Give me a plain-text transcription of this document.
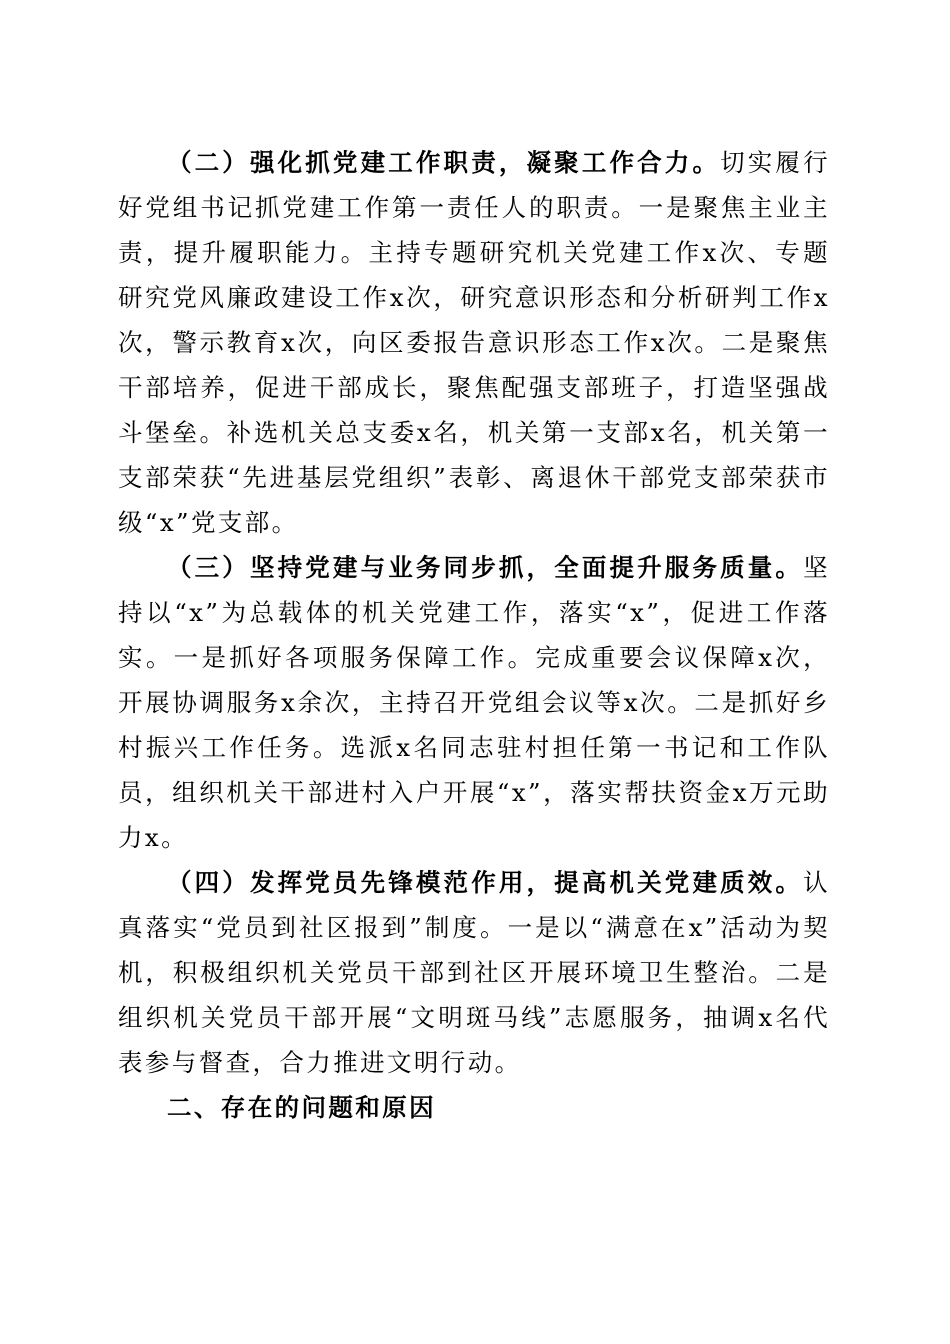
（二）强化抓党建工作职责，凝聚工作合力。切实履行好党组书记抓党建工作第一责任人的职责。一是聚焦主业主责，提升履职能力。主持专题研究机关党建工作x次、专题研究党风廉政建设工作x次，研究意识形态和分析研判工作x次，警示教育x次，向区委报告意识形态工作x次。二是聚焦干部培养，促进干部成长，聚焦配强支部班子，打造坚强战斗堡垒。补选机关总支委x名，机关第一支部x名，机关第一支部荣获“先进基层党组织”表彰、离退休干部党支部荣获市级“x”党支部。

（三）坚持党建与业务同步抓，全面提升服务质量。坚持以“x”为总载体的机关党建工作，落实“x”，促进工作落实。一是抓好各项服务保障工作。完成重要会议保障x次，开展协调服务x余次，主持召开党组会议等x次。二是抓好乡村振兴工作任务。选派x名同志驻村担任第一书记和工作队员，组织机关干部进村入户开展“x”，落实帮扶资金x万元助力x。

（四）发挥党员先锋模范作用，提高机关党建质效。认真落实“党员到社区报到”制度。一是以“满意在x”活动为契机，积极组织机关党员干部到社区开展环境卫生整治。二是组织机关党员干部开展“文明斑马线”志愿服务，抽调x名代表参与督查，合力推进文明行动。

二、存在的问题和原因
